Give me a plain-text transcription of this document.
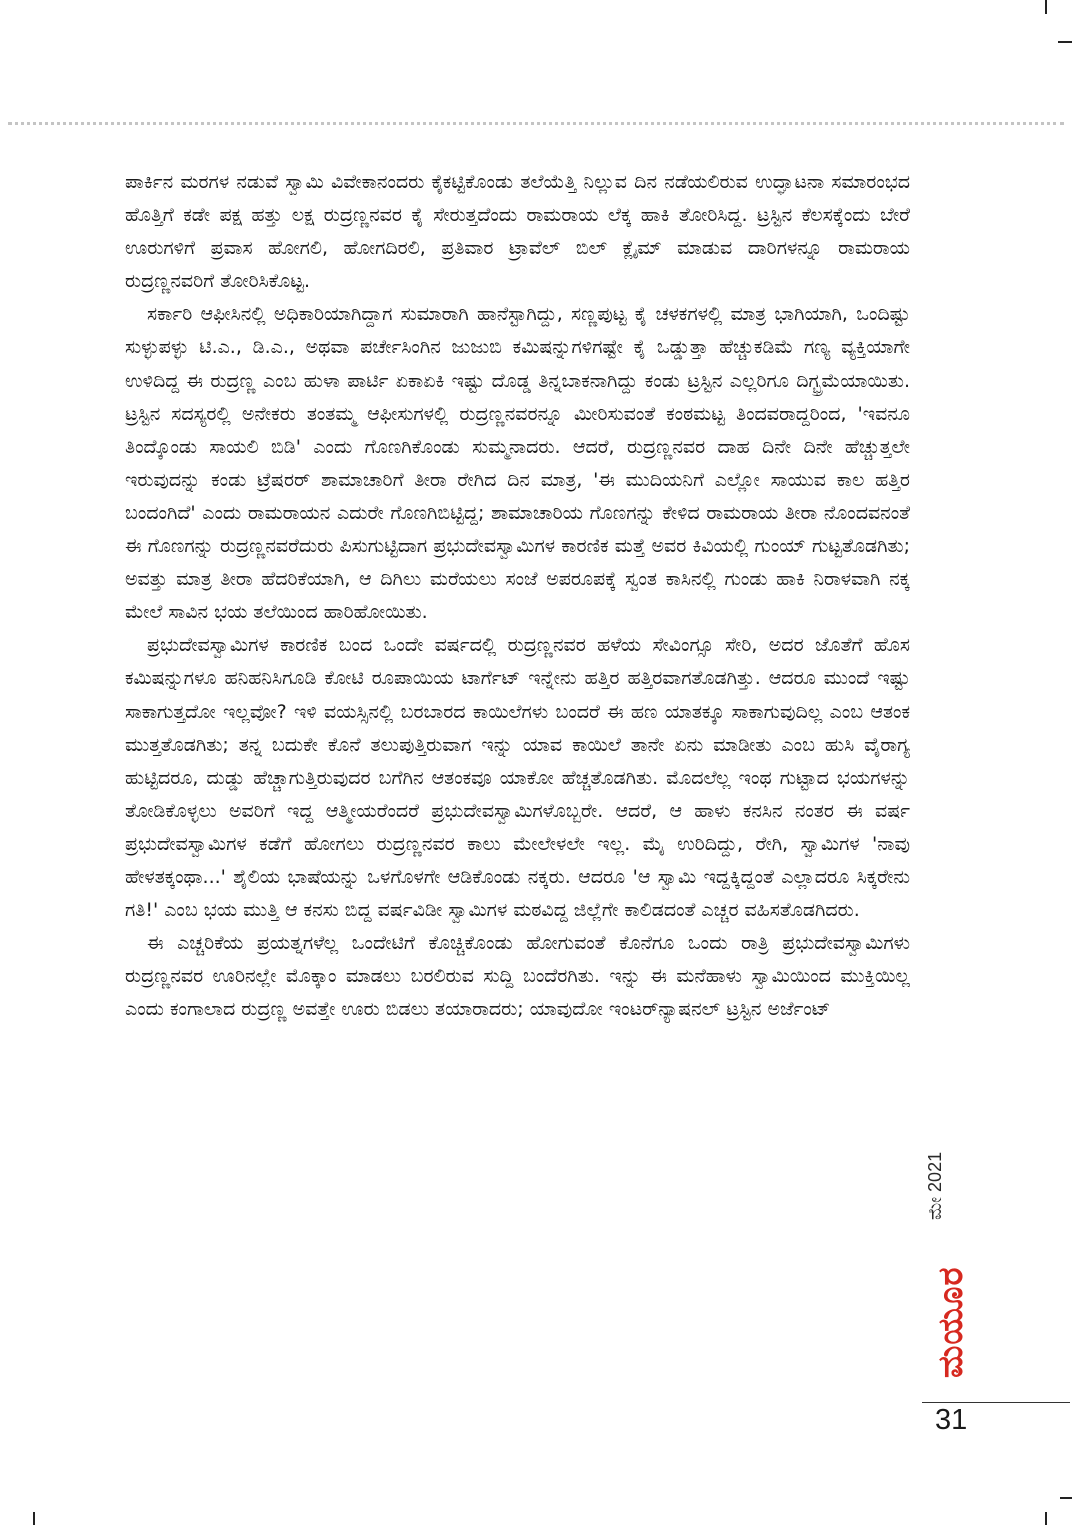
ಪಾರ್ಕಿನ ಮರಗಳ ನಡುವೆ ಸ್ವಾಮಿ ವಿವೇಕಾನಂದರು ಕೈಕಟ್ಟಿಕೊಂಡು ತಲೆಯೆತ್ತಿ ನಿಲ್ಲುವ ದಿನ ನಡೆಯಲಿರುವ ಉದ್ಘಾಟನಾ ಸಮಾರಂಭದ ಹೊತ್ತಿಗೆ ಕಡೇ ಪಕ್ಷ ಹತ್ತು ಲಕ್ಷ ರುದ್ರಣ್ಣನವರ ಕೈ ಸೇರುತ್ತದೆಂದು ರಾಮರಾಯ ಲೆಕ್ಕ ಹಾಕಿ ತೋರಿಸಿದ್ದ. ಟ್ರಸ್ಟಿನ ಕೆಲಸಕ್ಕೆಂದು ಬೇರೆ ಊರುಗಳಿಗೆ ಪ್ರವಾಸ ಹೋಗಲಿ, ಹೋಗದಿರಲಿ, ಪ್ರತಿವಾರ ಟ್ರಾವೆಲ್ ಬಿಲ್ ಕ್ಲೈಮ್ ಮಾಡುವ ದಾರಿಗಳನ್ನೂ ರಾಮರಾಯ ರುದ್ರಣ್ಣನವರಿಗೆ ತೋರಿಸಿಕೊಟ್ಟ.

ಸರ್ಕಾರಿ ಆಫೀಸಿನಲ್ಲಿ ಅಧಿಕಾರಿಯಾಗಿದ್ದಾಗ ಸುಮಾರಾಗಿ ಹಾನೆಸ್ಟಾಗಿದ್ದು, ಸಣ್ಣಪುಟ್ಟ ಕೈ ಚಳಕಗಳಲ್ಲಿ ಮಾತ್ರ ಭಾಗಿಯಾಗಿ, ಒಂದಿಷ್ಟು ಸುಳ್ಳುಪಳ್ಳು ಟಿ.ಎ., ಡಿ.ಎ., ಅಥವಾ ಪರ್ಚೇಸಿಂಗಿನ ಜುಜುಬಿ ಕಮಿಷನ್ನುಗಳಿಗಷ್ಟೇ ಕೈ ಒಡ್ಡುತ್ತಾ ಹೆಚ್ಚುಕಡಿಮೆ ಗಣ್ಯ ವ್ಯಕ್ತಿಯಾಗೇ ಉಳಿದಿದ್ದ ಈ ರುದ್ರಣ್ಣ ಎಂಬ ಹುಳಾ ಪಾರ್ಟಿ ಏಕಾಏಕಿ ಇಷ್ಟು ದೊಡ್ಡ ತಿನ್ನಬಾಕನಾಗಿದ್ದು ಕಂಡು ಟ್ರಸ್ಟಿನ ಎಲ್ಲರಿಗೂ ದಿಗ್ಭ್ರಮೆಯಾಯಿತು. ಟ್ರಸ್ಟಿನ ಸದಸ್ಯರಲ್ಲಿ ಅನೇಕರು ತಂತಮ್ಮ ಆಫೀಸುಗಳಲ್ಲಿ ರುದ್ರಣ್ಣನವರನ್ನೂ ಮೀರಿಸುವಂತೆ ಕಂಠಮಟ್ಟ ತಿಂದವರಾದ್ದರಿಂದ, 'ಇವನೂ ತಿಂದ್ಕೊಂಡು ಸಾಯಲಿ ಬಿಡಿ' ಎಂದು ಗೊಣಗಿಕೊಂಡು ಸುಮ್ಮನಾದರು. ಆದರೆ, ರುದ್ರಣ್ಣನವರ ದಾಹ ದಿನೇ ದಿನೇ ಹೆಚ್ಚುತ್ತಲೇ ಇರುವುದನ್ನು ಕಂಡು ಟ್ರೆಷರರ್ ಶಾಮಾಚಾರಿಗೆ ತೀರಾ ರೇಗಿದ ದಿನ ಮಾತ್ರ, 'ಈ ಮುದಿಯನಿಗೆ ಎಲ್ಲೋ ಸಾಯುವ ಕಾಲ ಹತ್ತಿರ ಬಂದಂಗಿದೆ' ಎಂದು ರಾಮರಾಯನ ಎದುರೇ ಗೊಣಗಿಬಿಟ್ಟಿದ್ದ; ಶಾಮಾಚಾರಿಯ ಗೊಣಗನ್ನು ಕೇಳಿದ ರಾಮರಾಯ ತೀರಾ ನೊಂದವನಂತೆ ಈ ಗೊಣಗನ್ನು ರುದ್ರಣ್ಣನವರೆದುರು ಪಿಸುಗುಟ್ಟಿದಾಗ ಪ್ರಭುದೇವಸ್ವಾಮಿಗಳ ಕಾರಣಿಕ ಮತ್ತೆ ಅವರ ಕಿವಿಯಲ್ಲಿ ಗುಂಯ್ ಗುಟ್ಟತೊಡಗಿತು; ಅವತ್ತು ಮಾತ್ರ ತೀರಾ ಹೆದರಿಕೆಯಾಗಿ, ಆ ದಿಗಿಲು ಮರೆಯಲು ಸಂಜೆ ಅಪರೂಪಕ್ಕೆ ಸ್ವಂತ ಕಾಸಿನಲ್ಲಿ ಗುಂಡು ಹಾಕಿ ನಿರಾಳವಾಗಿ ನಕ್ಕ ಮೇಲೆ ಸಾವಿನ ಭಯ ತಲೆಯಿಂದ ಹಾರಿಹೋಯಿತು.

ಪ್ರಭುದೇವಸ್ವಾಮಿಗಳ ಕಾರಣಿಕ ಬಂದ ಒಂದೇ ವರ್ಷದಲ್ಲಿ ರುದ್ರಣ್ಣನವರ ಹಳೆಯ ಸೇವಿಂಗ್ಸೂ ಸೇರಿ, ಅದರ ಜೊತೆಗೆ ಹೊಸ ಕಮಿಷನ್ನುಗಳೂ ಹನಿಹನಿಸಿಗೂಡಿ ಕೋಟಿ ರೂಪಾಯಿಯ ಟಾರ್ಗೆಟ್ ಇನ್ನೇನು ಹತ್ತಿರ ಹತ್ತಿರವಾಗತೊಡಗಿತ್ತು. ಆದರೂ ಮುಂದೆ ಇಷ್ಟು ಸಾಕಾಗುತ್ತದೋ ಇಲ್ಲವೋ? ಇಳಿ ವಯಸ್ಸಿನಲ್ಲಿ ಬರಬಾರದ ಕಾಯಿಲೆಗಳು ಬಂದರೆ ಈ ಹಣ ಯಾತಕ್ಕೂ ಸಾಕಾಗುವುದಿಲ್ಲ ಎಂಬ ಆತಂಕ ಮುತ್ತತೊಡಗಿತು; ತನ್ನ ಬದುಕೇ ಕೊನೆ ತಲುಪುತ್ತಿರುವಾಗ ಇನ್ನು ಯಾವ ಕಾಯಿಲೆ ತಾನೇ ಏನು ಮಾಡೀತು ಎಂಬ ಹುಸಿ ವೈರಾಗ್ಯ ಹುಟ್ಟಿದರೂ, ದುಡ್ಡು ಹೆಚ್ಚಾಗುತ್ತಿರುವುದರ ಬಗೆಗಿನ ಆತಂಕವೂ ಯಾಕೋ ಹೆಚ್ಚತೊಡಗಿತು. ಮೊದಲೆಲ್ಲ ಇಂಥ ಗುಟ್ಟಾದ ಭಯಗಳನ್ನು ತೋಡಿಕೊಳ್ಳಲು ಅವರಿಗೆ ಇದ್ದ ಆತ್ಮೀಯರೆಂದರೆ ಪ್ರಭುದೇವಸ್ವಾಮಿಗಳೊಬ್ಬರೇ. ಆದರೆ, ಆ ಹಾಳು ಕನಸಿನ ನಂತರ ಈ ವರ್ಷ ಪ್ರಭುದೇವಸ್ವಾಮಿಗಳ ಕಡೆಗೆ ಹೋಗಲು ರುದ್ರಣ್ಣನವರ ಕಾಲು ಮೇಲೇಳಲೇ ಇಲ್ಲ. ಮೈ ಉರಿದಿದ್ದು, ರೇಗಿ, ಸ್ವಾಮಿಗಳ 'ನಾವು ಹೇಳತಕ್ಕಂಥಾ...' ಶೈಲಿಯ ಭಾಷೆಯನ್ನು ಒಳಗೊಳಗೇ ಆಡಿಕೊಂಡು ನಕ್ಕರು. ಆದರೂ 'ಆ ಸ್ವಾಮಿ ಇದ್ದಕ್ಕಿದ್ದಂತೆ ಎಲ್ಲಾದರೂ ಸಿಕ್ಕರೇನು ಗತಿ!' ಎಂಬ ಭಯ ಮುತ್ತಿ ಆ ಕನಸು ಬಿದ್ದ ವರ್ಷವಿಡೀ ಸ್ವಾಮಿಗಳ ಮಠವಿದ್ದ ಜಿಲ್ಲೆಗೇ ಕಾಲಿಡದಂತೆ ಎಚ್ಚರ ವಹಿಸತೊಡಗಿದರು.

ಈ ಎಚ್ಚರಿಕೆಯ ಪ್ರಯತ್ನಗಳೆಲ್ಲ ಒಂದೇಟಿಗೆ ಕೊಚ್ಚಿಕೊಂಡು ಹೋಗುವಂತೆ ಕೊನೆಗೂ ಒಂದು ರಾತ್ರಿ ಪ್ರಭುದೇವಸ್ವಾಮಿಗಳು ರುದ್ರಣ್ಣನವರ ಊರಿನಲ್ಲೇ ಮೊಕ್ಕಾಂ ಮಾಡಲು ಬರಲಿರುವ ಸುದ್ದಿ ಬಂದೆರಗಿತು. ಇನ್ನು ಈ ಮನೆಹಾಳು ಸ್ವಾಮಿಯಿಂದ ಮುಕ್ತಿಯಿಲ್ಲ ಎಂದು ಕಂಗಾಲಾದ ರುದ್ರಣ್ಣ ಅವತ್ತೇ ಊರು ಬಿಡಲು ತಯಾರಾದರು; ಯಾವುದೋ ಇಂಟರ್‌ನ್ಯಾಷನಲ್ ಟ್ರಸ್ಟಿನ ಅರ್ಜೆಂಟ್

ಮೇ 2021
ಮಯೂರ
31
